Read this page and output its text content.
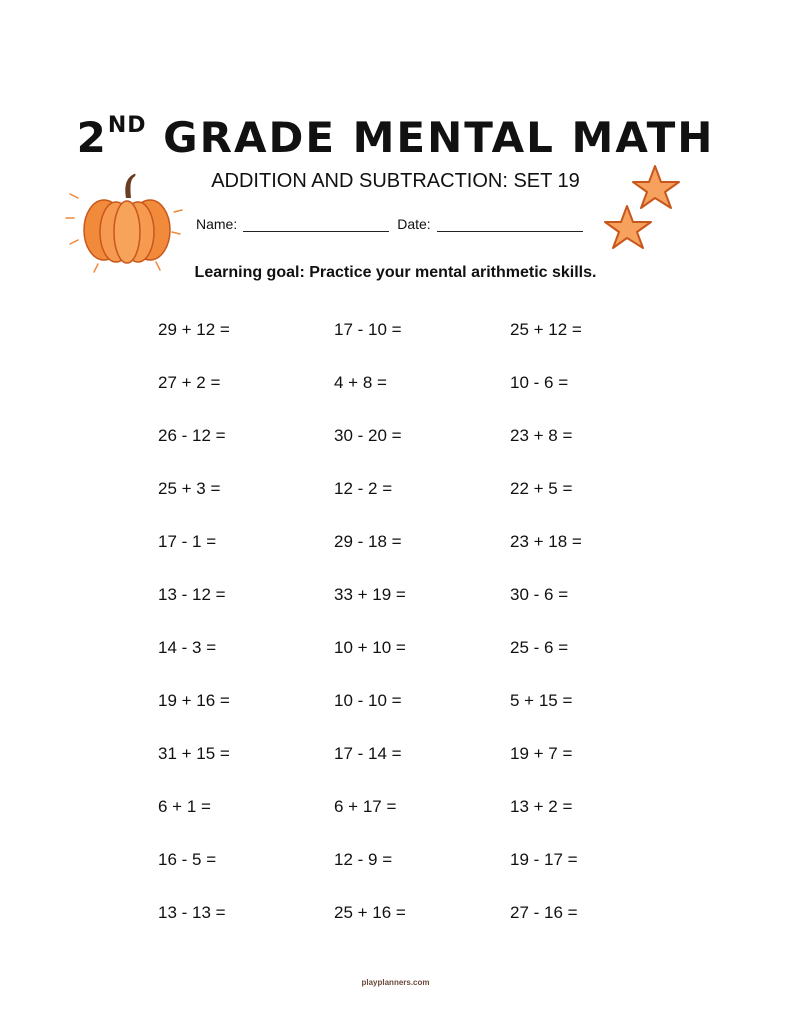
2ND GRADE MENTAL MATH
ADDITION AND SUBTRACTION: SET 19
Name:	Date:
Learning goal: Practice your mental arithmetic skills.
29 + 12 =	17 - 10 =	25 + 12 =
27 + 2 =	4 + 8 =	10 - 6 =
26 - 12 =	30 - 20 =	23 + 8 =
25 + 3 =	12 - 2 =	22 + 5 =
17 - 1 =	29 - 18 =	23 + 18 =
13 - 12 =	33 + 19 =	30 - 6 =
14 - 3 =	10 + 10 =	25 - 6 =
19 + 16 =	10 - 10 =	5 + 15 =
31 + 15 =	17 - 14 =	19 + 7 =
6 + 1 =	6 + 17 =	13 + 2 =
16 - 5 =	12 - 9 =	19 - 17 =
13 - 13 =	25 + 16 =	27 - 16 =
playplanners.com
